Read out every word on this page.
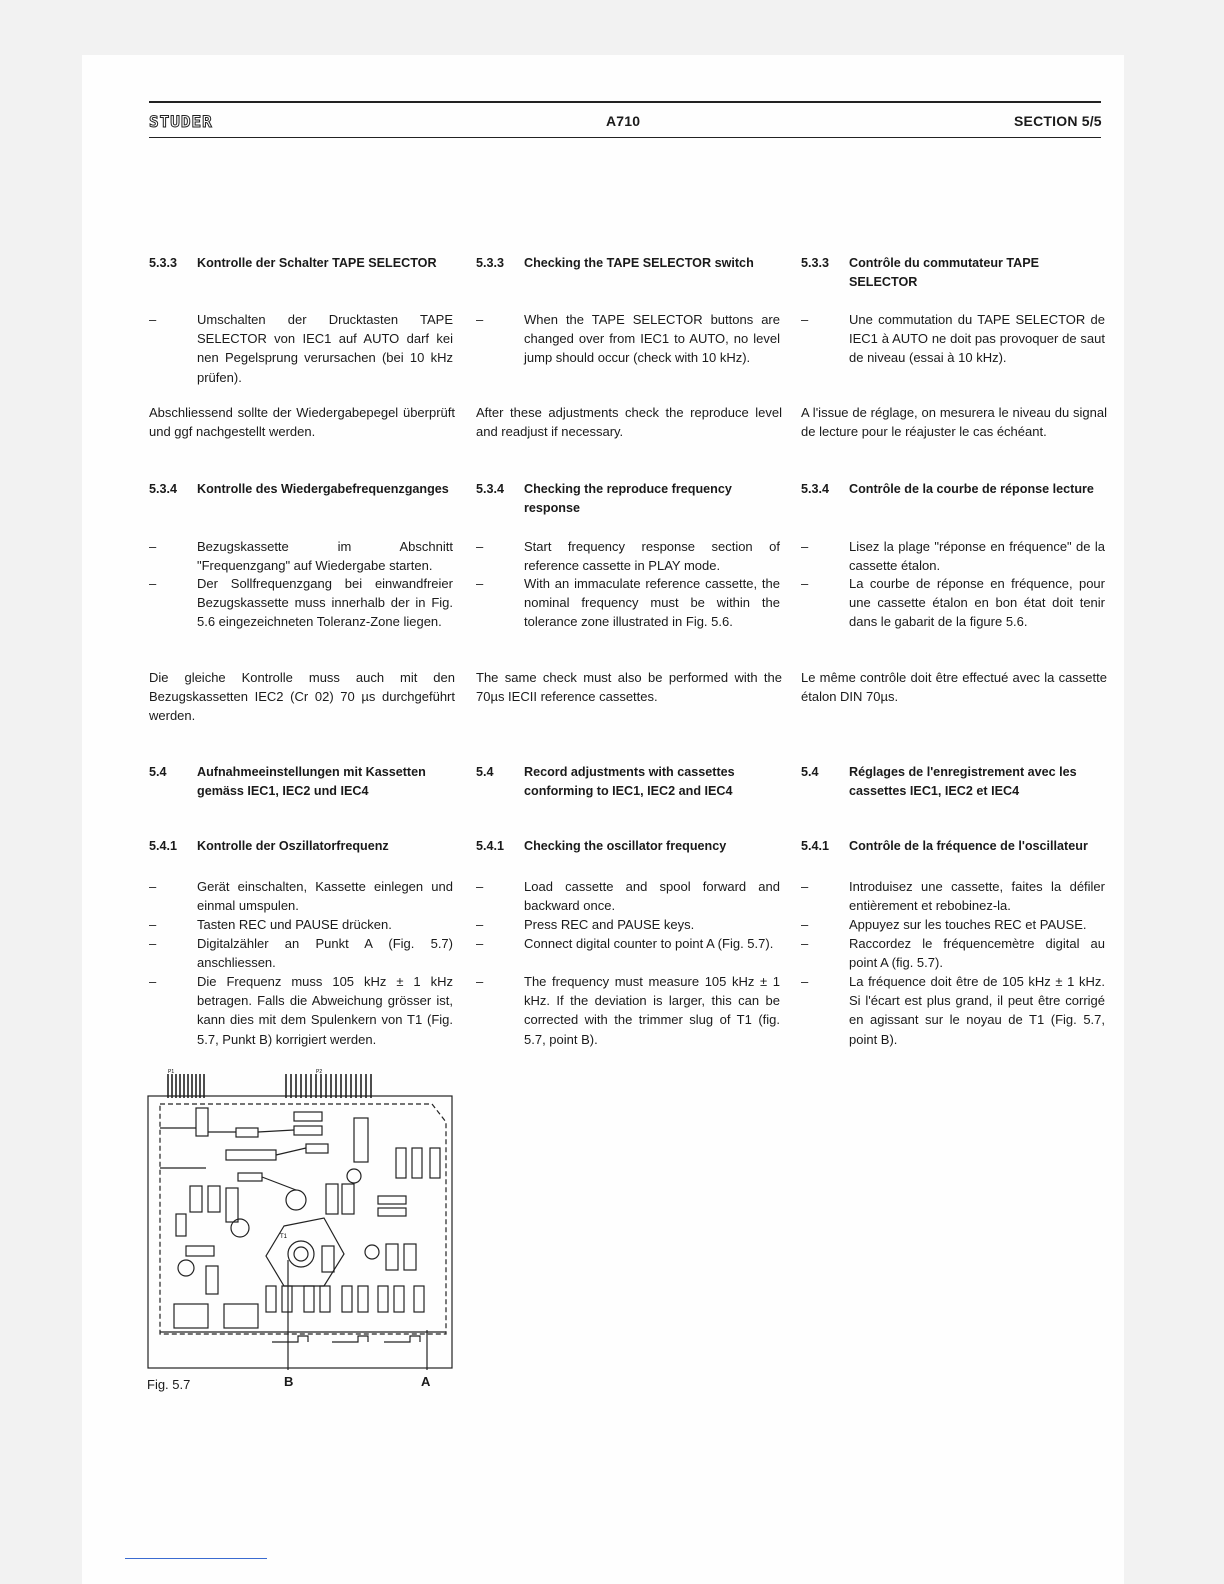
STUDER	A710	SECTION 5/5
5.3.3	Kontrolle der Schalter TAPE SELECTOR	5.3.3	Checking the TAPE SELECTOR switch	5.3.3	Contrôle du commutateur TAPE SELECTOR
–	Umschalten der Drucktasten TAPE SELECTOR von IEC1 auf AUTO darf kei nen Pegelsprung verursachen (bei 10 kHz prüfen).
–	When the TAPE SELECTOR buttons are changed over from IEC1 to AUTO, no level jump should occur (check with 10 kHz).
–	Une commutation du TAPE SELECTOR de IEC1 à AUTO ne doit pas provoquer de saut de niveau (essai à 10 kHz).
Abschliessend sollte der Wiedergabepegel überprüft und ggf nachgestellt werden.
After these adjustments check the reproduce level and readjust if necessary.
A l'issue de réglage, on mesurera le niveau du signal de lecture pour le réajuster le cas échéant.
5.3.4	Kontrolle des Wiedergabefrequenzganges	5.3.4	Checking the reproduce frequency response
5.3.4	Contrôle de la courbe de réponse lecture
–	Bezugskassette im Abschnitt "Frequenzgang" auf Wiedergabe starten.
–	Der Sollfrequenzgang bei einwandfreier Bezugskassette muss innerhalb der in Fig. 5.6 eingezeichneten Toleranz-Zone liegen.
–	Start frequency response section of reference cassette in PLAY mode.
–	With an immaculate reference cassette, the nominal frequency must be within the tolerance zone illustrated in Fig. 5.6.
–	Lisez la plage "réponse en fréquence" de la cassette étalon.
–	La courbe de réponse en fréquence, pour une cassette étalon en bon état doit tenir dans le gabarit de la figure 5.6.
Die gleiche Kontrolle muss auch mit den Bezugskassetten IEC2 (Cr 02) 70 µs durchgeführt werden.
The same check must also be performed with the 70µs IECII reference cassettes.
Le même contrôle doit être effectué avec la cassette étalon DIN 70µs.
5.4	Aufnahmeeinstellungen mit Kassetten gemäss IEC1, IEC2 und IEC4
5.4	Record adjustments with cassettes conforming to IEC1, IEC2 and IEC4
5.4	Réglages de l'enregistrement avec les cassettes IEC1, IEC2 et IEC4
5.4.1	Kontrolle der Oszillatorfrequenz	5.4.1	Checking the oscillator frequency	5.4.1	Contrôle de la fréquence de l'oscillateur
–	Gerät einschalten, Kassette einlegen und einmal umspulen.
–	Tasten REC und PAUSE drücken.
–	Digitalzähler an Punkt A (Fig. 5.7) anschliessen.
–	Die Frequenz muss 105 kHz ± 1 kHz betragen. Falls die Abweichung grösser ist, kann dies mit dem Spulenkern von T1 (Fig. 5.7, Punkt B) korrigiert werden.
–	Load cassette and spool forward and backward once.
–	Press REC and PAUSE keys.
–	Connect digital counter to point A (Fig. 5.7).
–	The frequency must measure 105 kHz ± 1 kHz. If the deviation is larger, this can be corrected with the trimmer slug of T1 (fig. 5.7, point B).
–	Introduisez une cassette, faites la défiler entièrement et rebobinez-la.
–	Appuyez sur les touches REC et PAUSE.
–	Raccordez le fréquencemètre digital au point A (fig. 5.7).
–	La fréquence doit être de 105 kHz ± 1 kHz. Si l'écart est plus grand, il peut être corrigé en agissant sur le noyau de T1 (Fig. 5.7, point B).
P1	P2
T1
Fig. 5.7	B	A
